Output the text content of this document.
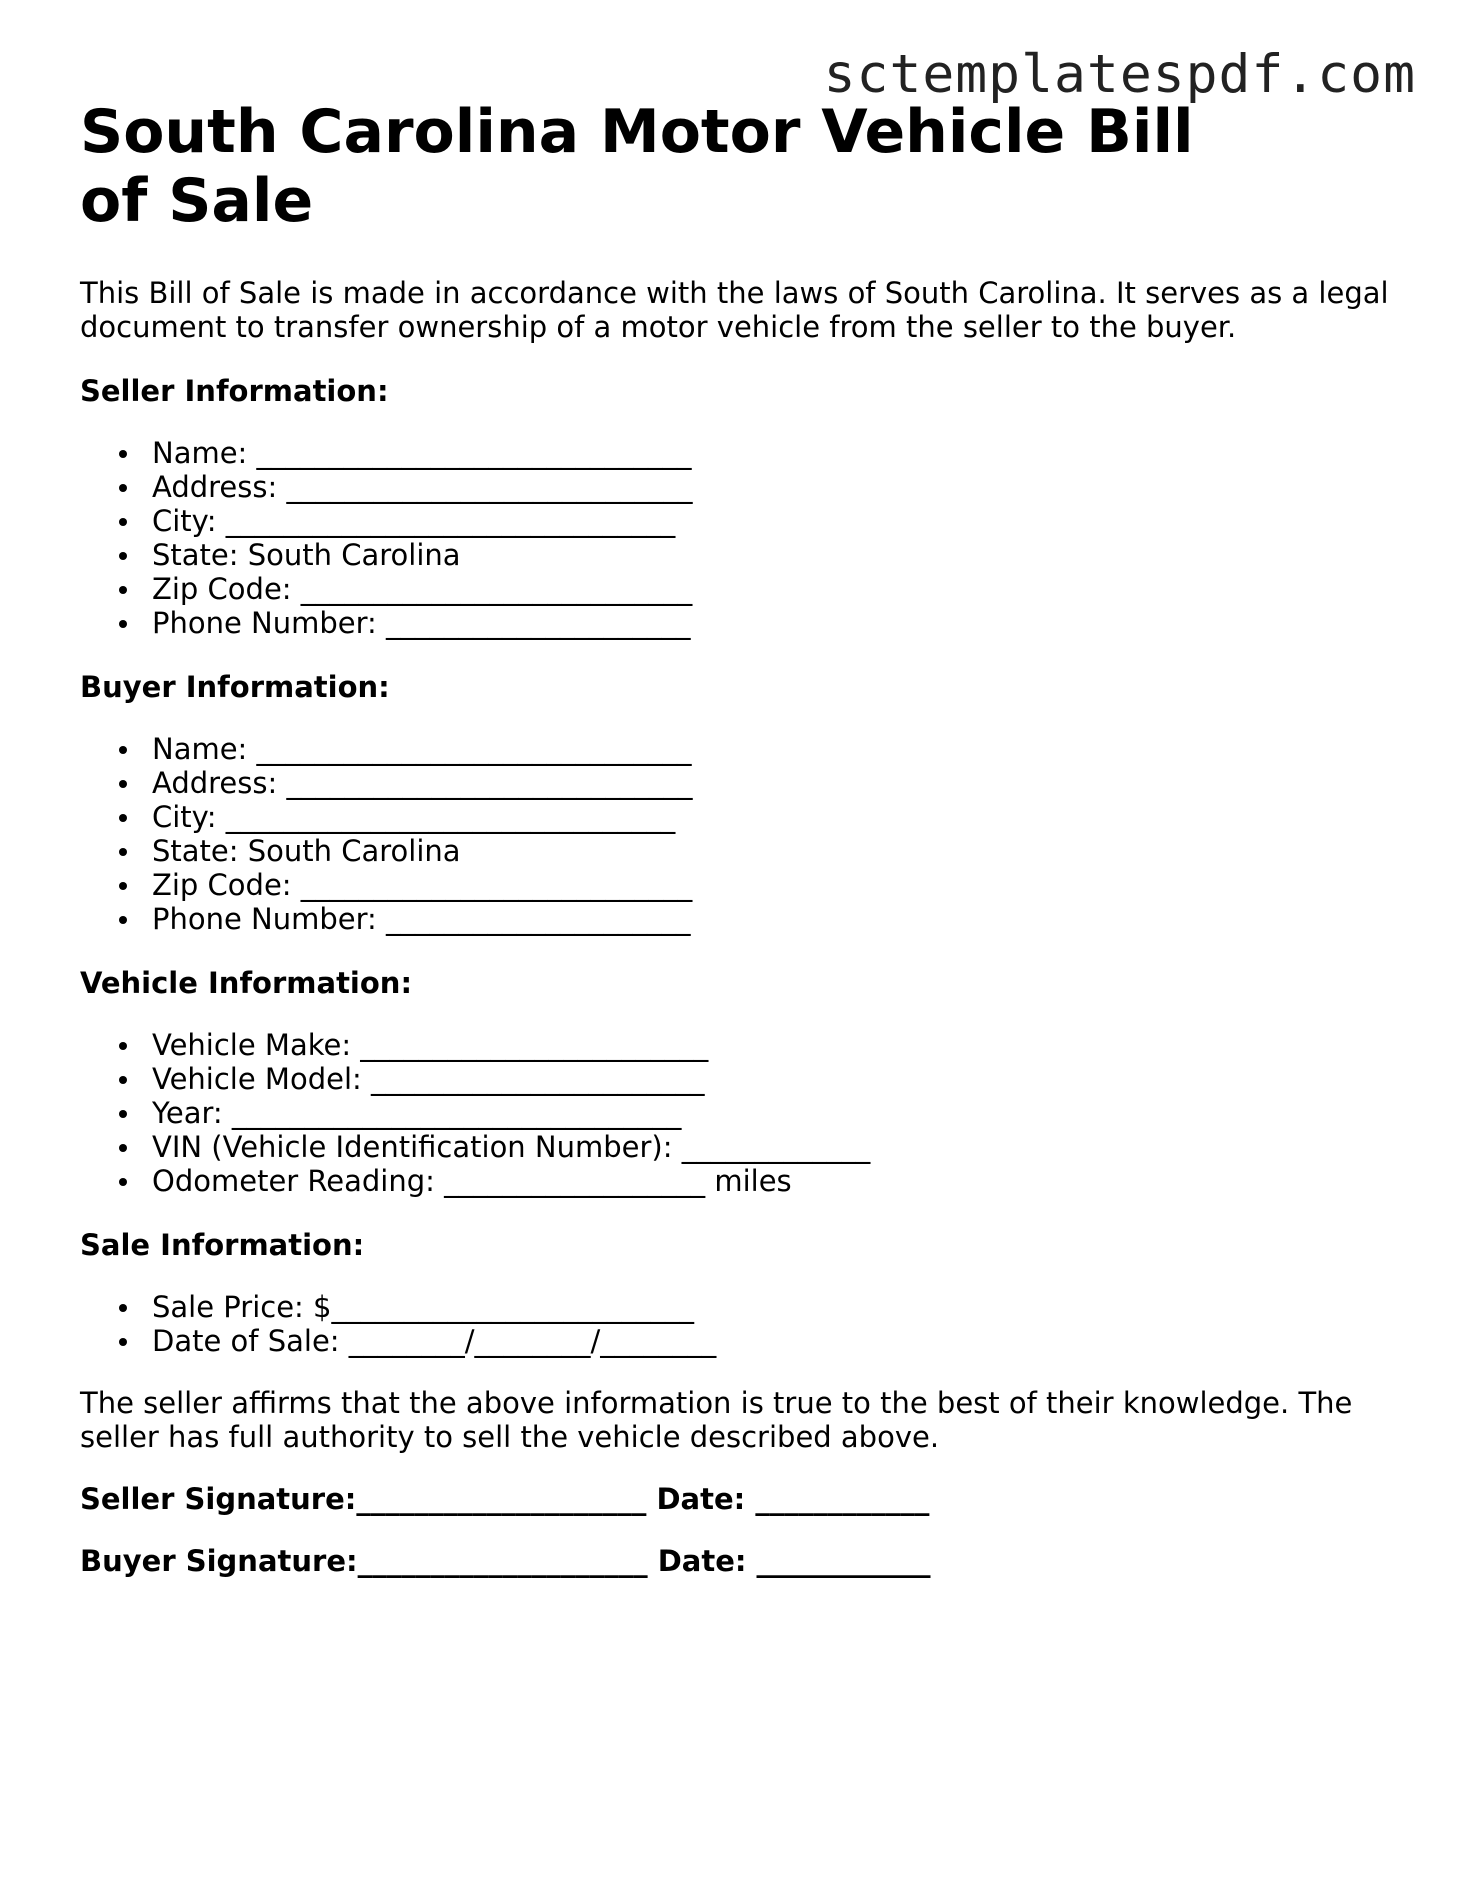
sctemplatespdf.com
South Carolina Motor Vehicle Bill of Sale

This Bill of Sale is made in accordance with the laws of South Carolina. It serves as a legal document to transfer ownership of a motor vehicle from the seller to the buyer.

Seller Information:
Name: ______________________________
Address: ____________________________
City: _______________________________
State: South Carolina
Zip Code: ___________________________
Phone Number: _____________________
Buyer Information:
Name: ______________________________
Address: ____________________________
City: _______________________________
State: South Carolina
Zip Code: ___________________________
Phone Number: _____________________
Vehicle Information:
Vehicle Make: ________________________
Vehicle Model: _______________________
Year: _______________________________
VIN (Vehicle Identification Number): _____________
Odometer Reading: __________________ miles
Sale Information:
Sale Price: $_________________________
Date of Sale: ________/________/________

The seller affirms that the above information is true to the best of their knowledge. The seller has full authority to sell the vehicle described above.

Seller Signature:____________________ Date: ____________
Buyer Signature:____________________ Date: ____________
